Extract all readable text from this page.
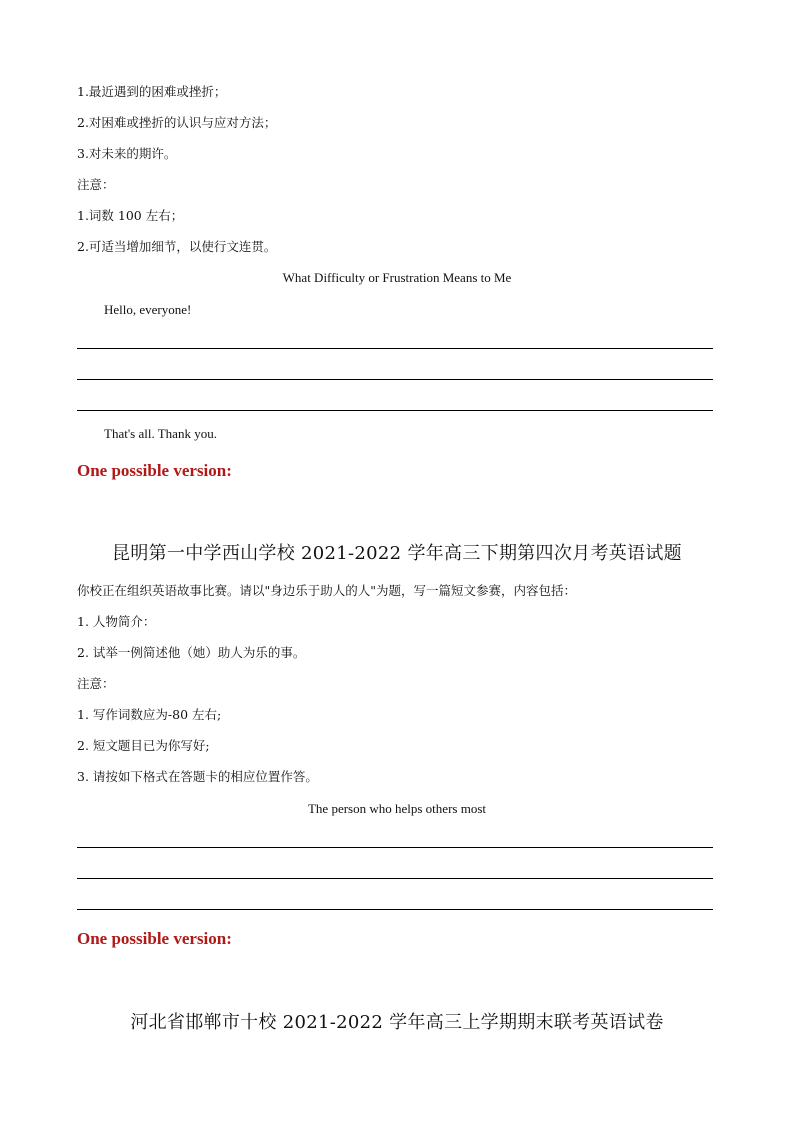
1.最近遇到的困难或挫折；
2.对困难或挫折的认识与应对方法；
3.对未来的期许。
注意：
1.词数 100 左右；
2.可适当增加细节，以使行文连贯。
What Difficulty or Frustration Means to Me
Hello, everyone!
That's all. Thank you.
One possible version:
昆明第一中学西山学校 2021-2022 学年高三下期第四次月考英语试题
你校正在组织英语故事比赛。请以"身边乐于助人的人"为题，写一篇短文参赛，内容包括：
1. 人物简介：
2. 试举一例简述他（她）助人为乐的事。
注意：
1. 写作词数应为-80 左右;
2. 短文题目已为你写好;
3. 请按如下格式在答题卡的相应位置作答。
The person who helps others most
One possible version:
河北省邯郸市十校 2021-2022 学年高三上学期期末联考英语试卷
